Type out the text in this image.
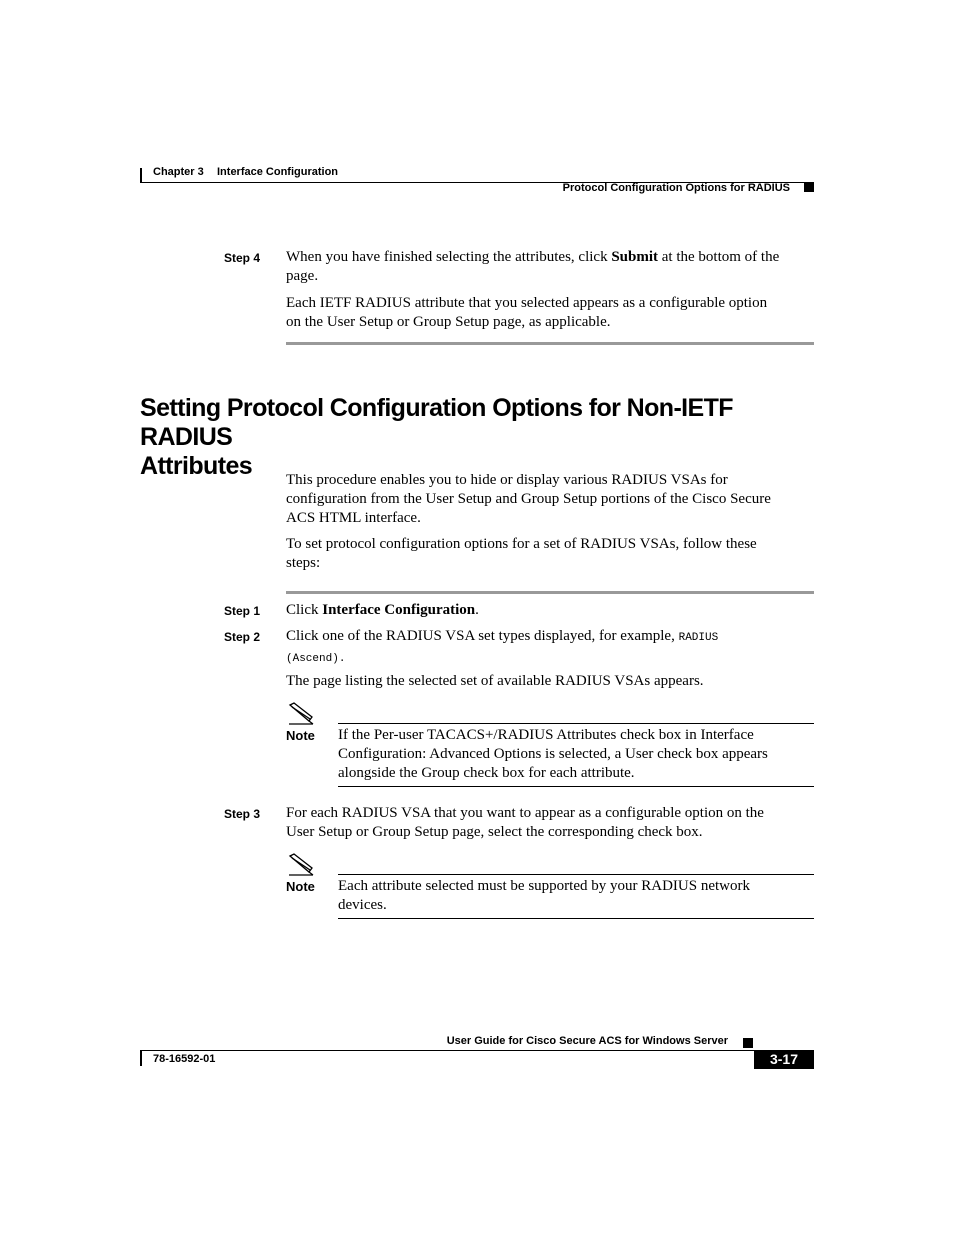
Chapter 3 Interface Configuration
Protocol Configuration Options for RADIUS
Step 4 When you have finished selecting the attributes, click Submit at the bottom of the
page.
Each IETF RADIUS attribute that you selected appears as a configurable option
on the User Setup or Group Setup page, as applicable.
Setting Protocol Configuration Options for Non-IETF RADIUS
Attributes	This procedure enables you to hide or display various RADIUS VSAs for
configuration from the User Setup and Group Setup portions of the Cisco Secure
ACS HTML interface.
To set protocol configuration options for a set of RADIUS VSAs, follow these
steps:
Step 1 Click Interface Configuration.
Step 2 Click one of the RADIUS VSA set types displayed, for example, RADIUS
(Ascend).
The page listing the selected set of available RADIUS VSAs appears.
Note If the Per-user TACACS+/RADIUS Attributes check box in Interface
Configuration: Advanced Options is selected, a User check box appears
alongside the Group check box for each attribute.
Step 3 For each RADIUS VSA that you want to appear as a configurable option on the
User Setup or Group Setup page, select the corresponding check box.
Note Each attribute selected must be supported by your RADIUS network
devices.
User Guide for Cisco Secure ACS for Windows Server
78-16592-01	3-17
